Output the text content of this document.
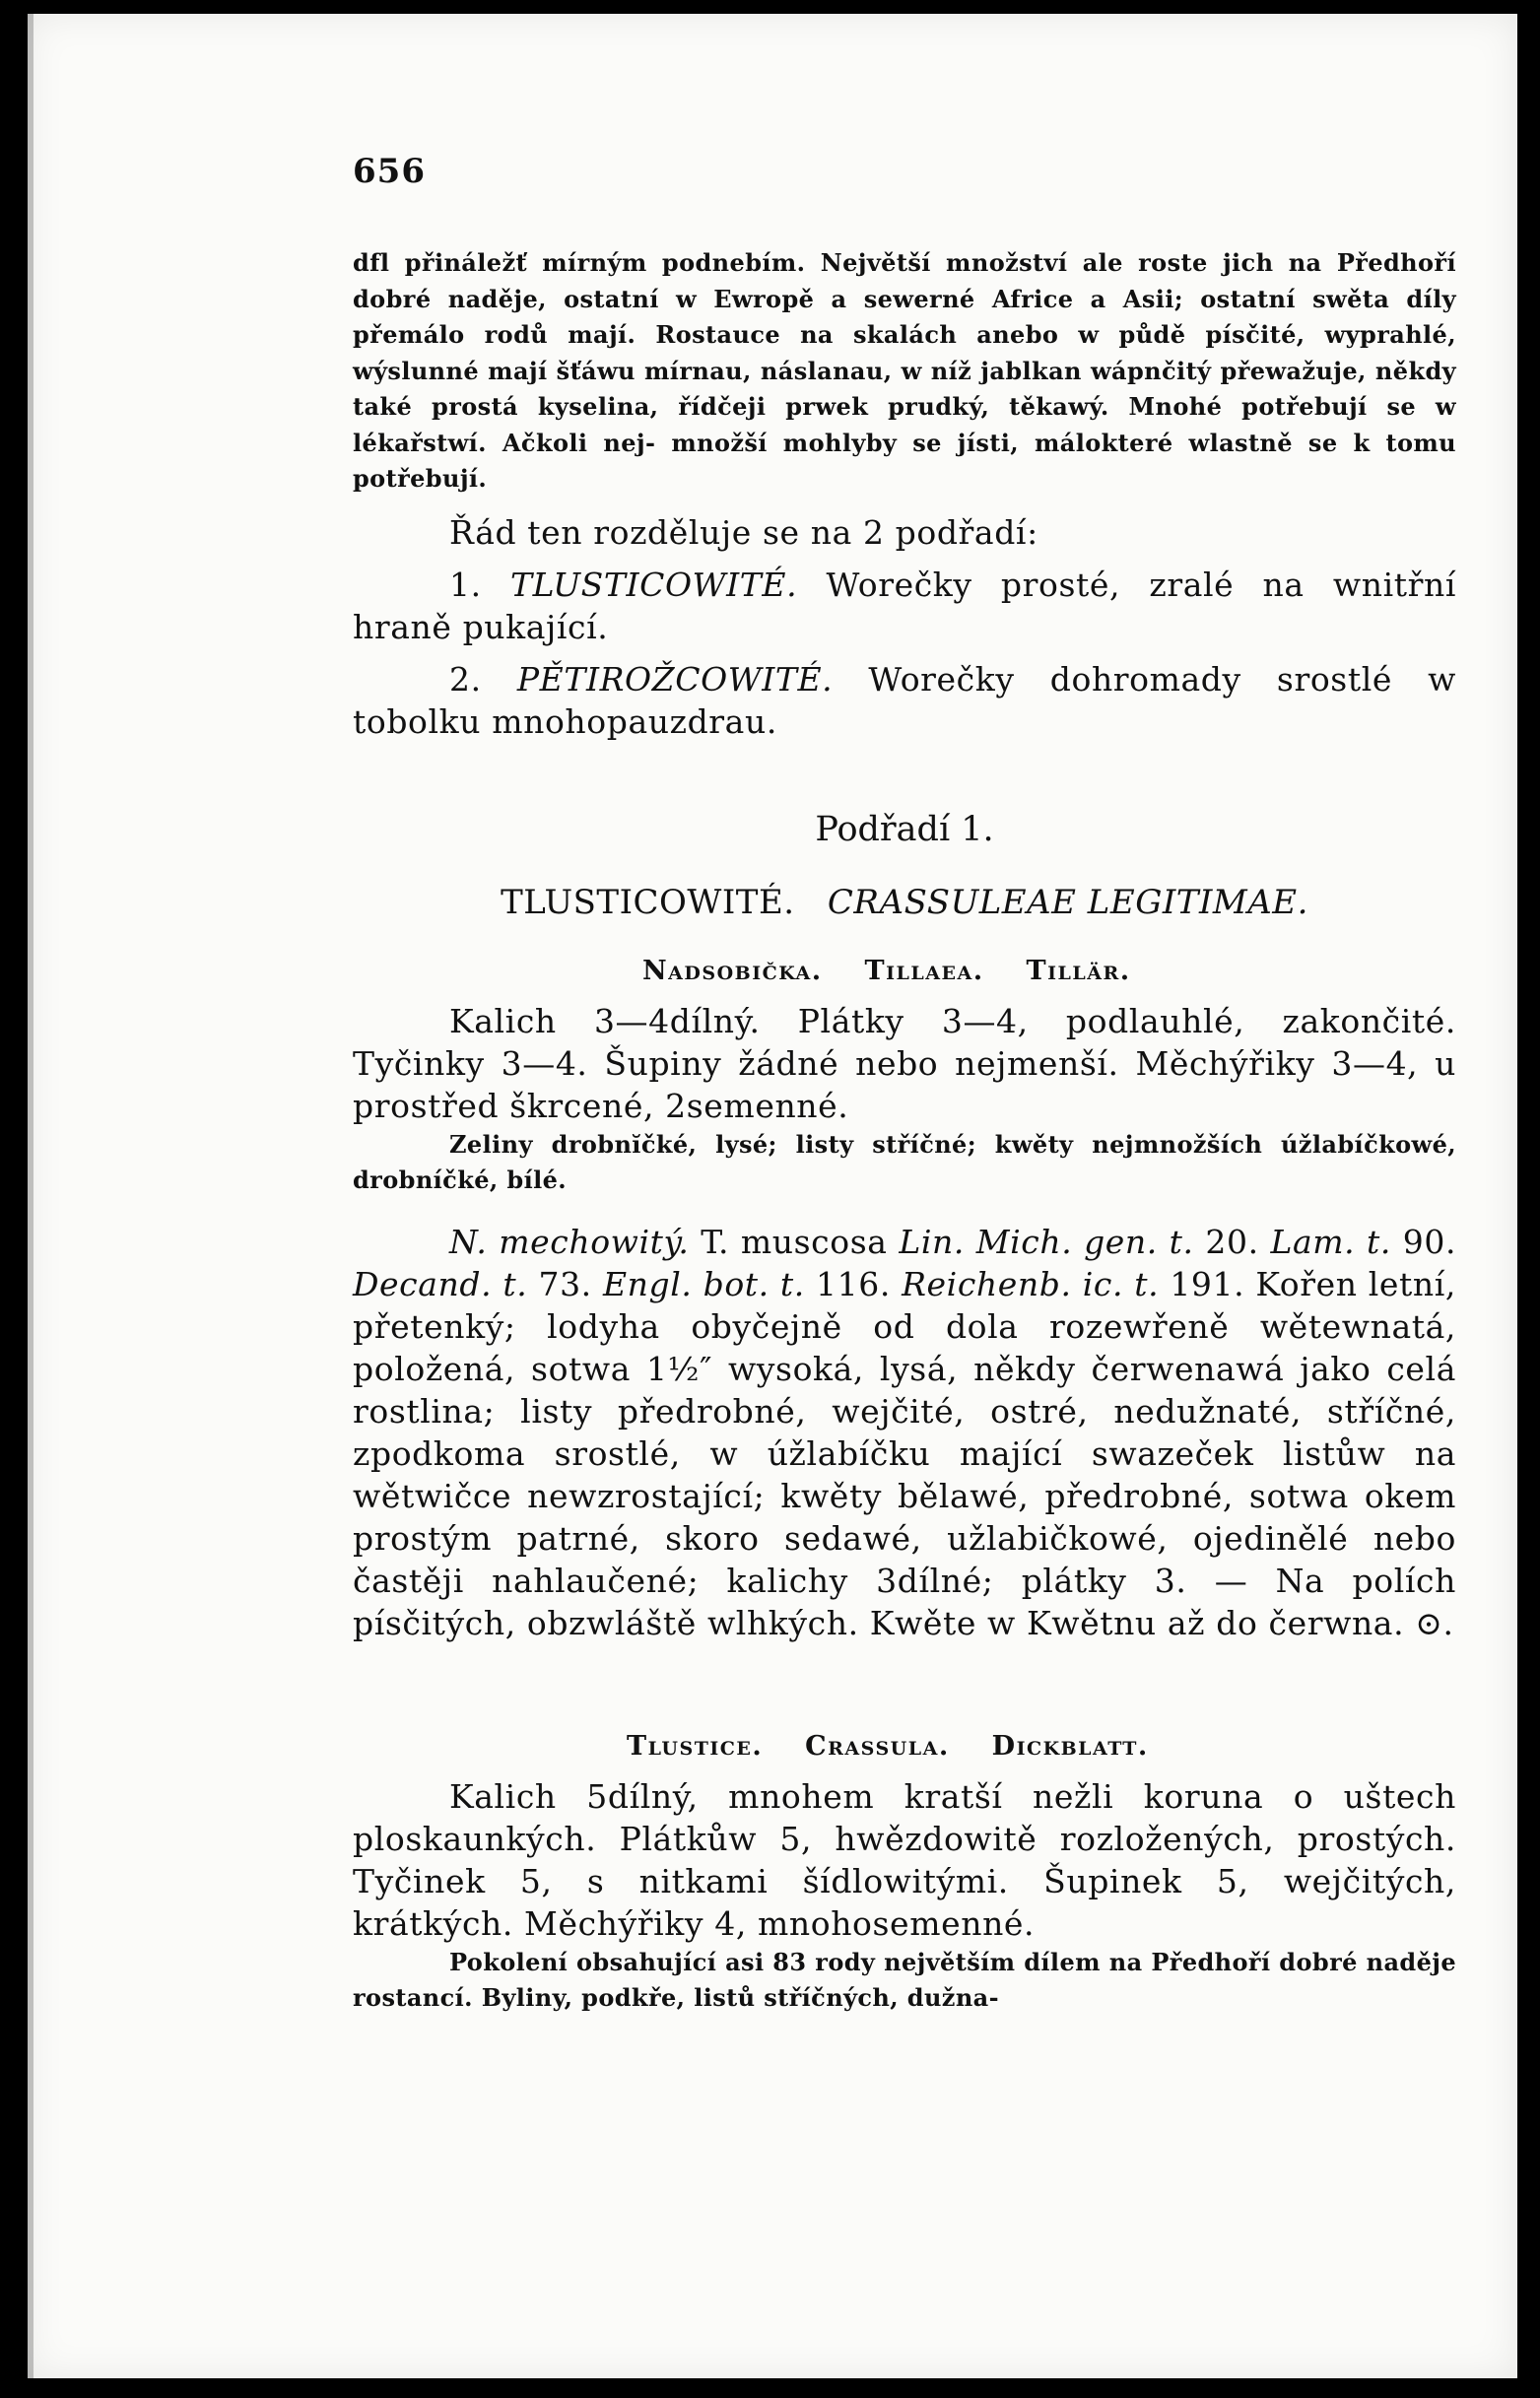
656

dfl přináležť mírným podnebím. Největší množství ale roste jich na Předhoří dobré naděje, ostatní w Ewropě a sewerné Africe a Asii; ostatní swěta díly přemálo rodů mají. Rostauce na skalách anebo w půdě písčité, wyprahlé, wýslunné mají šťáwu mírnau, náslanau, w níž jablkan wápnčitý přewažuje, někdy také prostá kyselina, řídčeji prwek prudký, těkawý. Mnohé potřebují se w lékařstwí. Ačkoli nej- množší mohlyby se jísti, málokteré wlastně se k tomu potřebují.

Řád ten rozděluje se na 2 podřadí:

1. TLUSTICOWITÉ. Worečky prosté, zralé na wnitřní hraně pukající.

2. PĚTIROŽCOWITÉ. Worečky dohromady srostlé w tobolku mnohopauzdrau.

Podřadí 1.

TLUSTICOWITÉ. CRASSULEAE LEGITIMAE.

Nadsobička. Tillaea. Tillär.

Kalich 3—4dílný. Plátky 3—4, podlauhlé, zakončité. Tyčinky 3—4. Šupiny žádné nebo nejmenší. Měchýřiky 3—4, u prostřed škrcené, 2semenné.

Zeliny drobnĭčké, lysé; listy stříčné; kwěty nejmnožších úžlabíčkowé, drobníčké, bílé.

N. mechowitý. T. muscosa Lin. Mich. gen. t. 20. Lam. t. 90. Decand. t. 73. Engl. bot. t. 116. Reichenb. ic. t. 191. Kořen letní, přetenký; lodyha obyčejně od dola rozewřeně wětewnatá, položená, sotwa 1½″ wysoká, lysá, někdy čerwenawá jako celá rostlina; listy předrobné, wejčité, ostré, nedužnaté, stříčné, zpodkoma srostlé, w úžlabíčku mající swazeček listůw na wětwičce newzrostající; kwěty bělawé, předrobné, sotwa okem prostým patrné, skoro sedawé, užlabičkowé, ojedinělé nebo častěji nahlaučené; kalichy 3dílné; plátky 3. — Na polích písčitých, obzwláště wlhkých. Kwěte w Kwětnu až do čerwna. ⊙.

Tlustice. Crassula. Dickblatt.

Kalich 5dílný, mnohem kratší nežli koruna o uštech ploskaunkých. Plátkůw 5, hwězdowitě rozložených, prostých. Tyčinek 5, s nitkami šídlowitými. Šupinek 5, wejčitých, krátkých. Měchýřiky 4, mnohosemenné.

Pokolení obsahující asi 83 rody největším dílem na Předhoří dobré naděje rostancí. Byliny, podkře, listů stříčných, dužna-
